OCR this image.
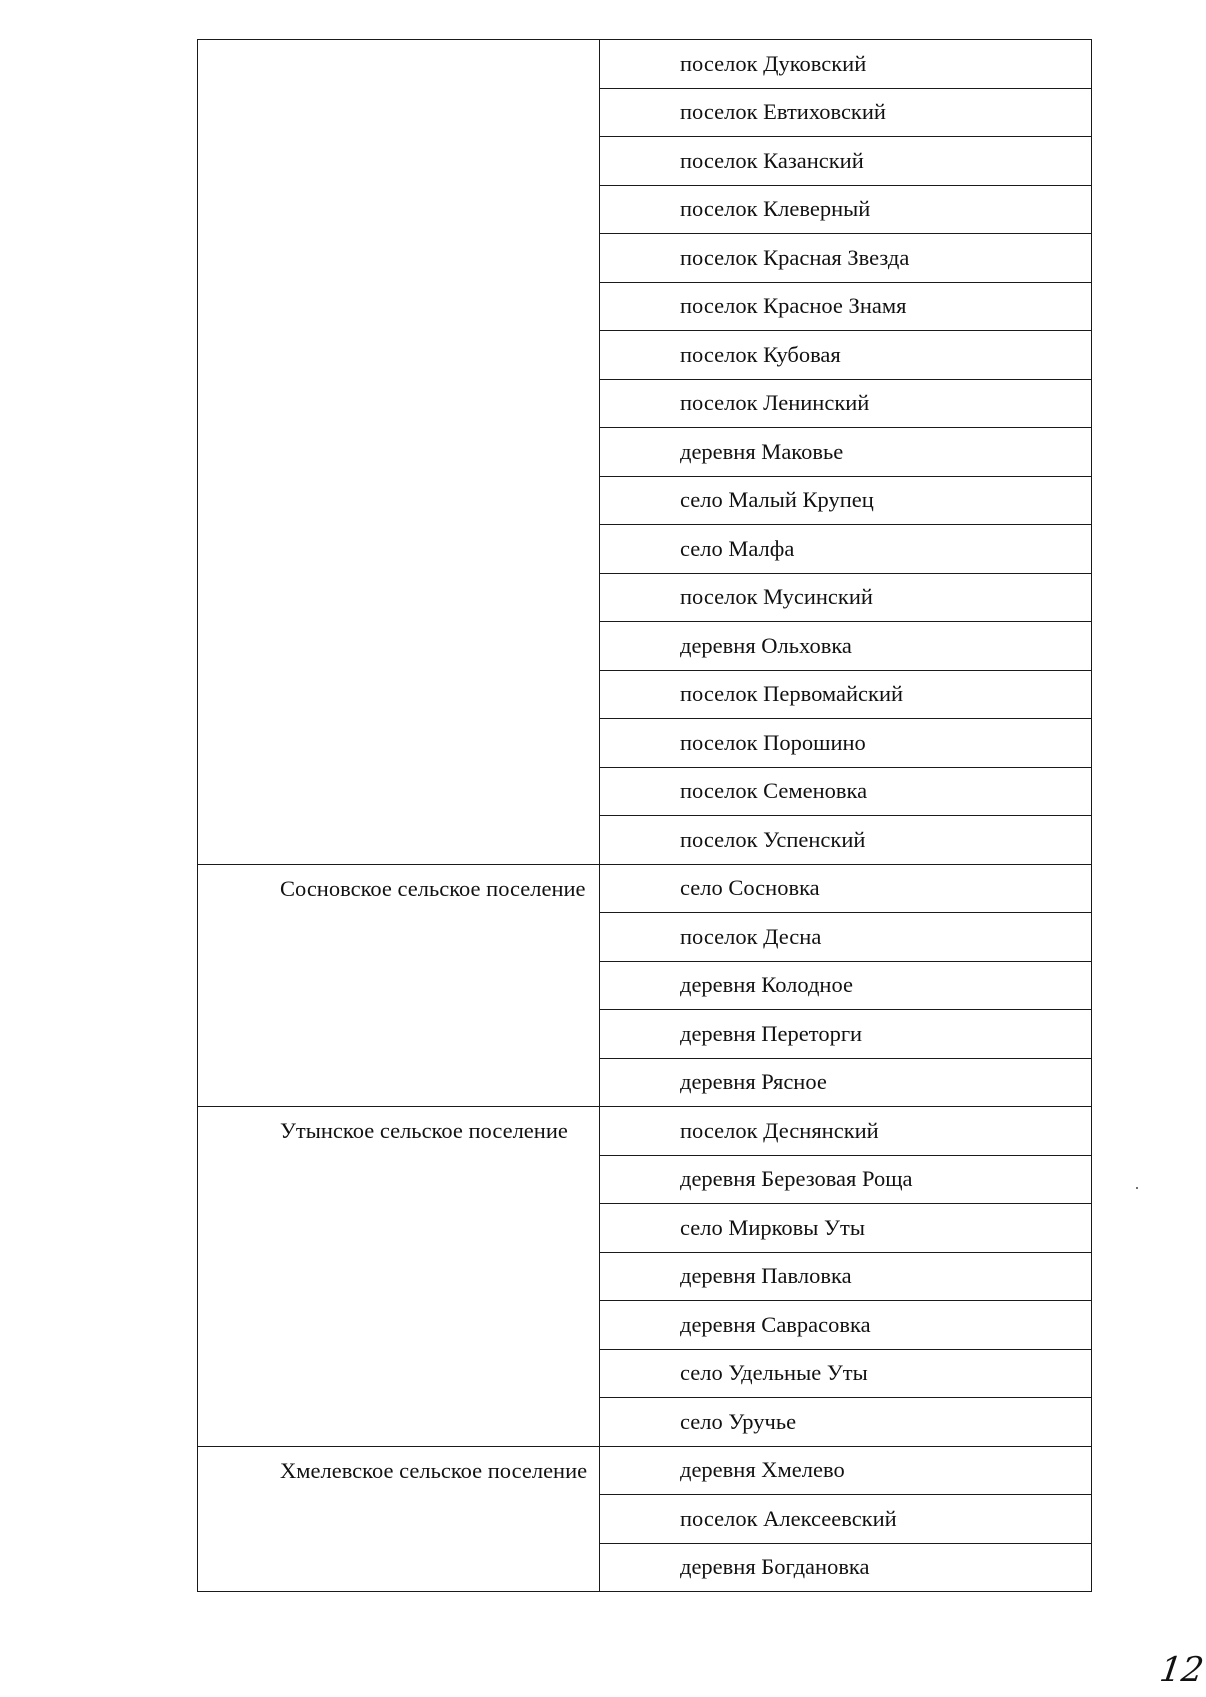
	поселок Дуковский
	поселок Евтиховский
	поселок Казанский
	поселок Клеверный
	поселок Красная Звезда
	поселок Красное Знамя
	поселок Кубовая
	поселок Ленинский
	деревня Маковье
	село Малый Крупец
	село Малфа
	поселок Мусинский
	деревня Ольховка
	поселок Первомайский
	поселок Порошино
	поселок Семеновка
	поселок Успенский
Сосновское сельское поселение	село Сосновка
	поселок Десна
	деревня Колодное
	деревня Переторги
	деревня Рясное
Утынское сельское поселение	поселок Деснянский
	деревня Березовая Роща
	село Мирковы Уты
	деревня Павловка
	деревня Саврасовка
	село Удельные Уты
	село Уручье
Хмелевское сельское поселение	деревня Хмелево
	поселок Алексеевский
	деревня Богдановка
12
